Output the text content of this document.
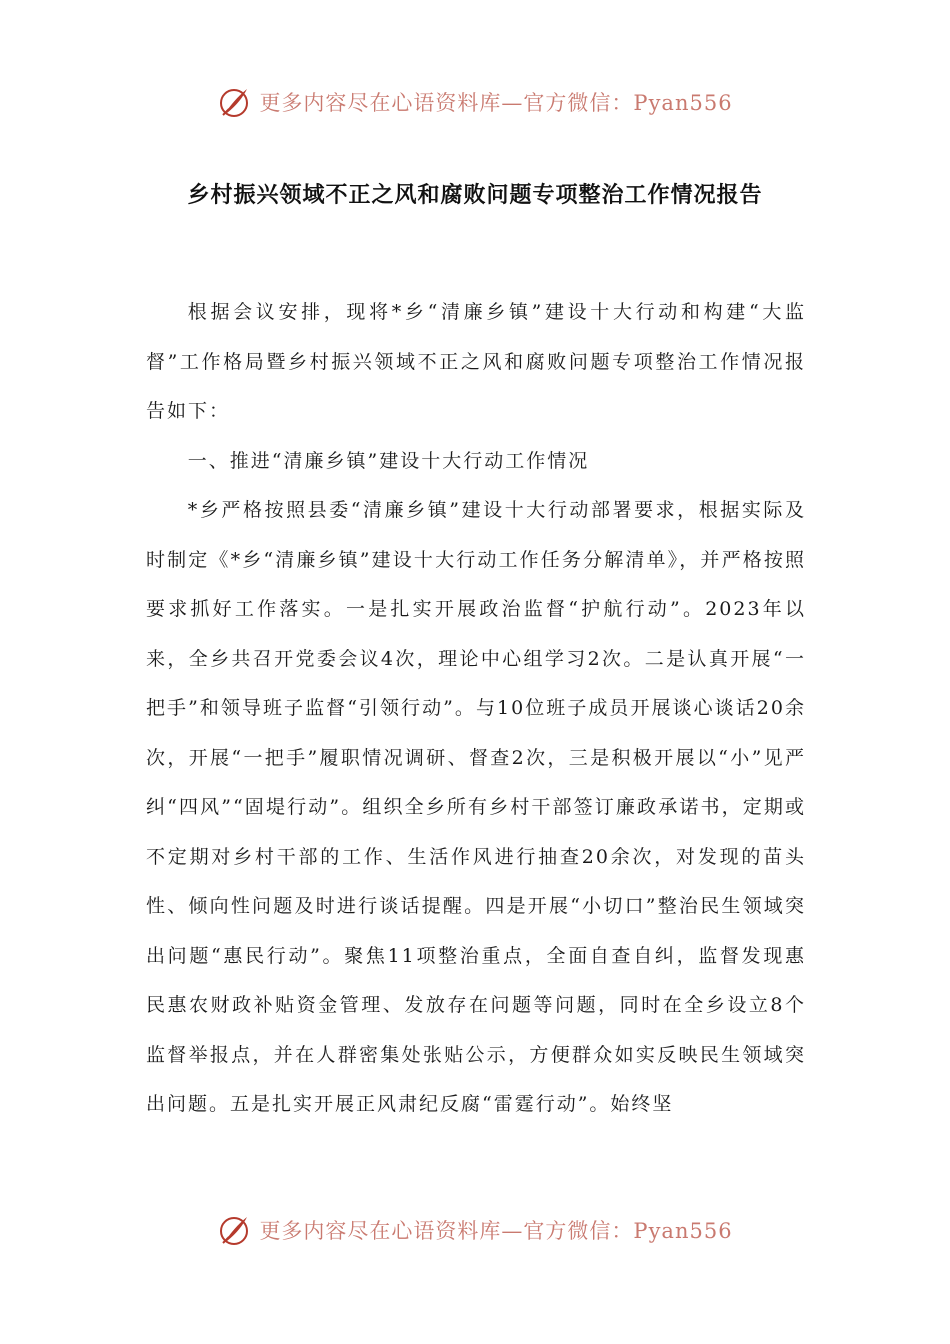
更多内容尽在心语资料库—官方微信：Pyan556
乡村振兴领域不正之风和腐败问题专项整治工作情况报告

根据会议安排，现将*乡“清廉乡镇”建设十大行动和构建“大监督”工作格局暨乡村振兴领域不正之风和腐败问题专项整治工作情况报告如下：

一、推进“清廉乡镇”建设十大行动工作情况

*乡严格按照县委“清廉乡镇”建设十大行动部署要求，根据实际及时制定《*乡“清廉乡镇”建设十大行动工作任务分解清单》，并严格按照要求抓好工作落实。一是扎实开展政治监督“护航行动”。2023年以来，全乡共召开党委会议4次，理论中心组学习2次。二是认真开展“一把手”和领导班子监督“引领行动”。与10位班子成员开展谈心谈话20余次，开展“一把手”履职情况调研、督查2次，三是积极开展以“小”见严纠“四风”“固堤行动”。组织全乡所有乡村干部签订廉政承诺书，定期或不定期对乡村干部的工作、生活作风进行抽查20余次，对发现的苗头性、倾向性问题及时进行谈话提醒。四是开展“小切口”整治民生领域突出问题“惠民行动”。聚焦11项整治重点，全面自查自纠，监督发现惠民惠农财政补贴资金管理、发放存在问题等问题，同时在全乡设立8个监督举报点，并在人群密集处张贴公示，方便群众如实反映民生领域突出问题。五是扎实开展正风肃纪反腐“雷霆行动”。始终坚

更多内容尽在心语资料库—官方微信：Pyan556
